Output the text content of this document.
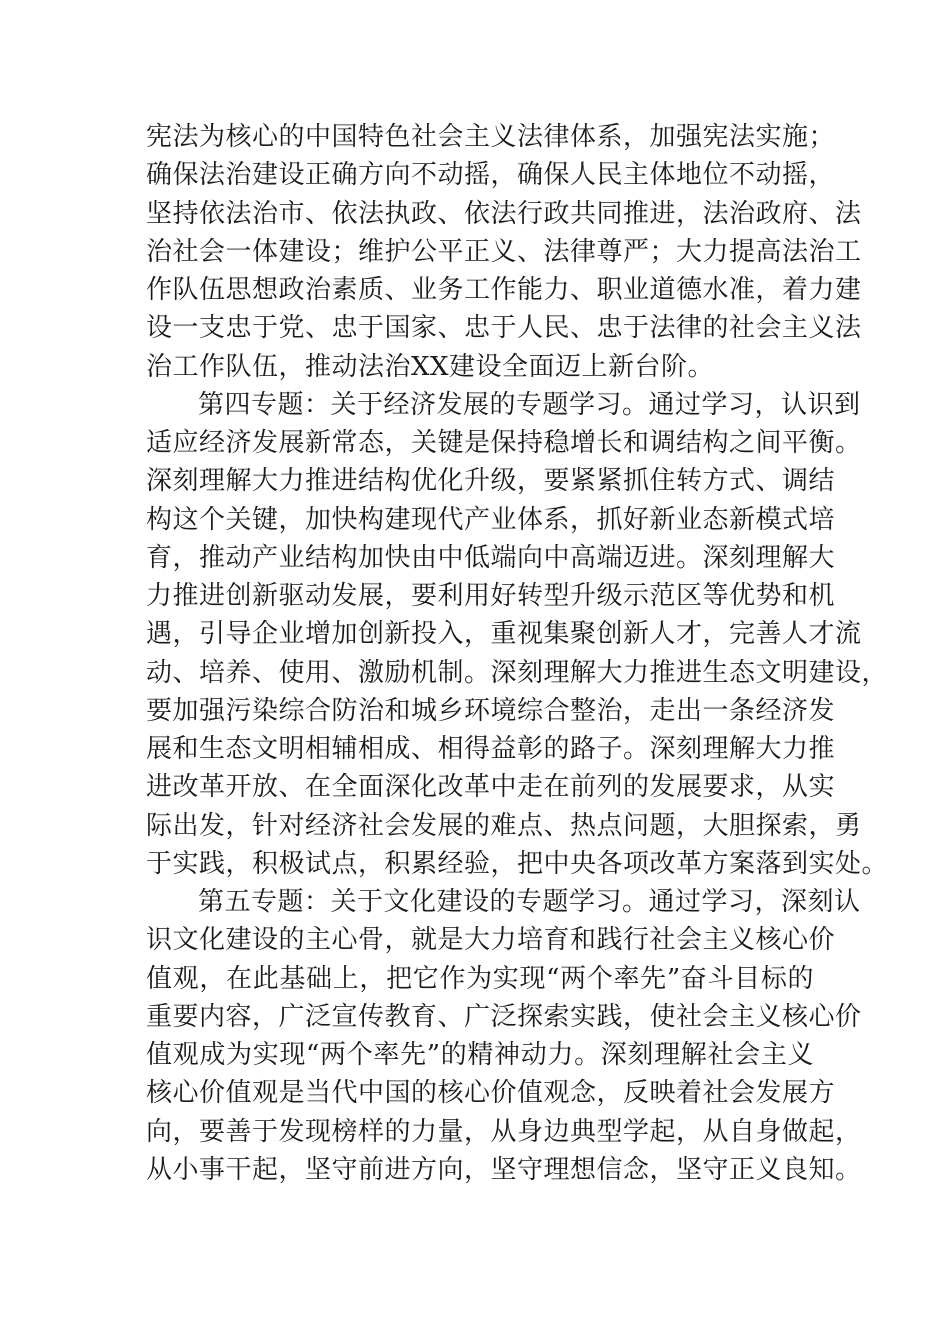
宪法为核心的中国特色社会主义法律体系，加强宪法实施；
确保法治建设正确方向不动摇，确保人民主体地位不动摇，
坚持依法治市、依法执政、依法行政共同推进，法治政府、法
治社会一体建设；维护公平正义、法律尊严；大力提高法治工
作队伍思想政治素质、业务工作能力、职业道德水准，着力建
设一支忠于党、忠于国家、忠于人民、忠于法律的社会主义法
治工作队伍，推动法治XX建设全面迈上新台阶。
第四专题：关于经济发展的专题学习。通过学习，认识到
适应经济发展新常态，关键是保持稳增长和调结构之间平衡。
深刻理解大力推进结构优化升级，要紧紧抓住转方式、调结
构这个关键，加快构建现代产业体系，抓好新业态新模式培
育，推动产业结构加快由中低端向中高端迈进。深刻理解大
力推进创新驱动发展，要利用好转型升级示范区等优势和机
遇，引导企业增加创新投入，重视集聚创新人才，完善人才流
动、培养、使用、激励机制。深刻理解大力推进生态文明建设，
要加强污染综合防治和城乡环境综合整治，走出一条经济发
展和生态文明相辅相成、相得益彰的路子。深刻理解大力推
进改革开放、在全面深化改革中走在前列的发展要求，从实
际出发，针对经济社会发展的难点、热点问题，大胆探索，勇
于实践，积极试点，积累经验，把中央各项改革方案落到实处。
第五专题：关于文化建设的专题学习。通过学习，深刻认
识文化建设的主心骨，就是大力培育和践行社会主义核心价
值观，在此基础上，把它作为实现“两个率先”奋斗目标的
重要内容，广泛宣传教育、广泛探索实践，使社会主义核心价
值观成为实现“两个率先”的精神动力。深刻理解社会主义
核心价值观是当代中国的核心价值观念，反映着社会发展方
向，要善于发现榜样的力量，从身边典型学起，从自身做起，
从小事干起，坚守前进方向，坚守理想信念，坚守正义良知。
